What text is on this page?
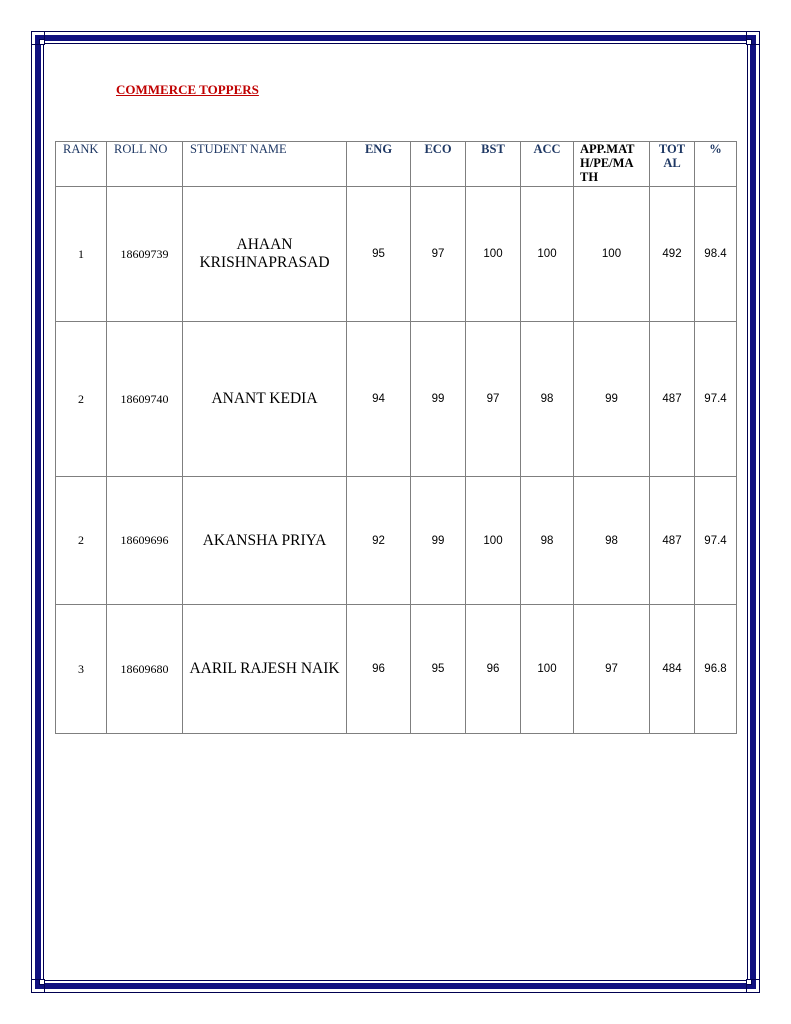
COMMERCE TOPPERS
RANK	ROLL NO	STUDENT NAME	ENG	ECO	BST	ACC	APP.MAT H/PE/MA TH	TOT AL	%
1	18609739	AHAAN KRISHNAPRASAD	95	97	100	100	100	492	98.4
2	18609740	ANANT KEDIA	94	99	97	98	99	487	97.4
2	18609696	AKANSHA PRIYA	92	99	100	98	98	487	97.4
3	18609680	AARIL RAJESH NAIK	96	95	96	100	97	484	96.8
